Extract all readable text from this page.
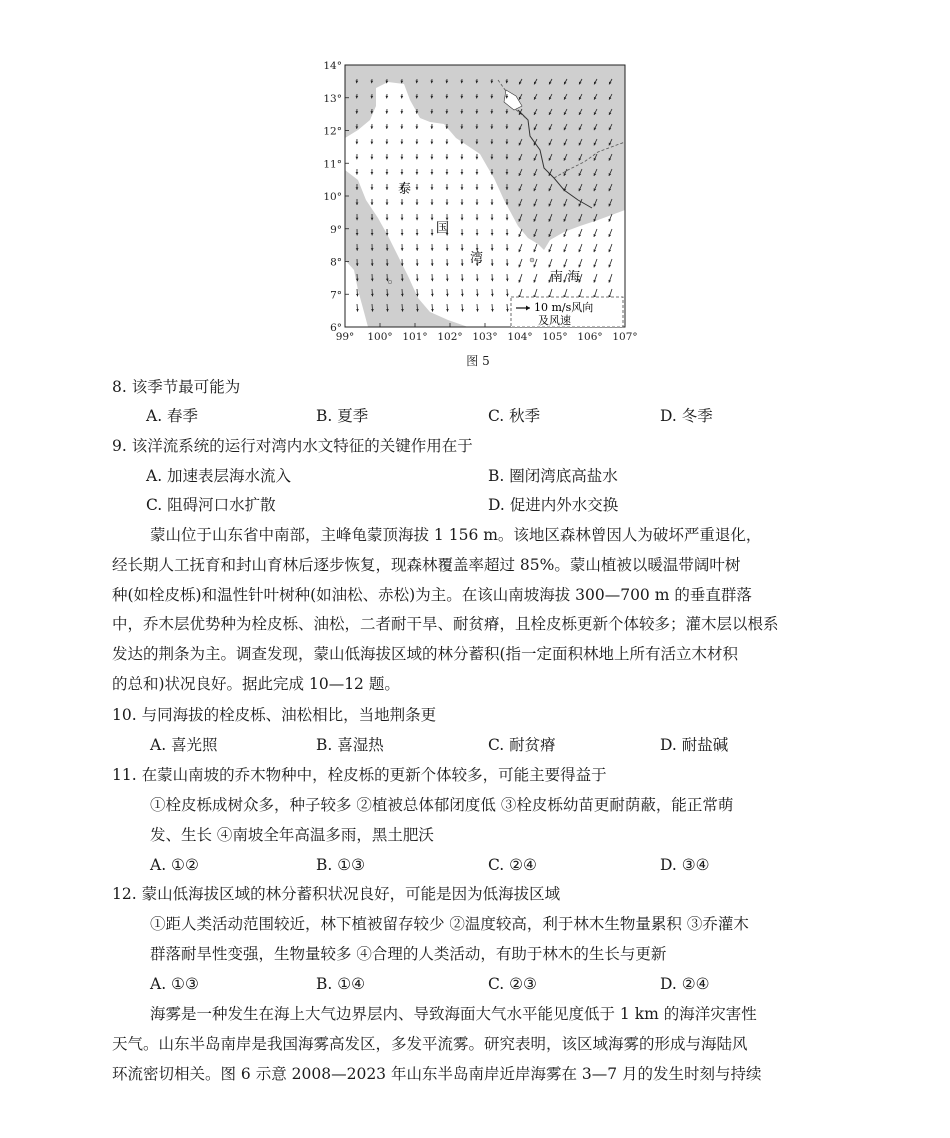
14°
13°
12°
11°
10°
9°
8°
7°
6°
99° 100° 101° 102° 103° 104° 105° 106° 107°
泰
国
湾
南 海
10 m/s风向
及风速
图 5
8. 该季节最可能为
A. 春季	B. 夏季	C. 秋季	D. 冬季
9. 该洋流系统的运行对湾内水文特征的关键作用在于
A. 加速表层海水流入	B. 圈闭湾底高盐水
C. 阻碍河口水扩散	D. 促进内外水交换
蒙山位于山东省中南部，主峰龟蒙顶海拔 1 156 m。该地区森林曾因人为破坏严重退化，
经长期人工抚育和封山育林后逐步恢复，现森林覆盖率超过 85%。蒙山植被以暖温带阔叶树
种(如栓皮栎)和温性针叶树种(如油松、赤松)为主。在该山南坡海拔 300—700 m 的垂直群落
中，乔木层优势种为栓皮栎、油松，二者耐干旱、耐贫瘠，且栓皮栎更新个体较多；灌木层以根系
发达的荆条为主。调查发现，蒙山低海拔区域的林分蓄积(指一定面积林地上所有活立木材积
的总和)状况良好。据此完成 10—12 题。
10. 与同海拔的栓皮栎、油松相比，当地荆条更
A. 喜光照	B. 喜湿热	C. 耐贫瘠	D. 耐盐碱
11. 在蒙山南坡的乔木物种中，栓皮栎的更新个体较多，可能主要得益于
①栓皮栎成树众多，种子较多 ②植被总体郁闭度低 ③栓皮栎幼苗更耐荫蔽，能正常萌
发、生长 ④南坡全年高温多雨，黑土肥沃
A. ①②	B. ①③	C. ②④	D. ③④
12. 蒙山低海拔区域的林分蓄积状况良好，可能是因为低海拔区域
①距人类活动范围较近，林下植被留存较少 ②温度较高，利于林木生物量累积 ③乔灌木
群落耐旱性变强，生物量较多 ④合理的人类活动，有助于林木的生长与更新
A. ①③	B. ①④	C. ②③	D. ②④
海雾是一种发生在海上大气边界层内、导致海面大气水平能见度低于 1 km 的海洋灾害性
天气。山东半岛南岸是我国海雾高发区，多发平流雾。研究表明，该区域海雾的形成与海陆风
环流密切相关。图 6 示意 2008—2023 年山东半岛南岸近岸海雾在 3—7 月的发生时刻与持续
